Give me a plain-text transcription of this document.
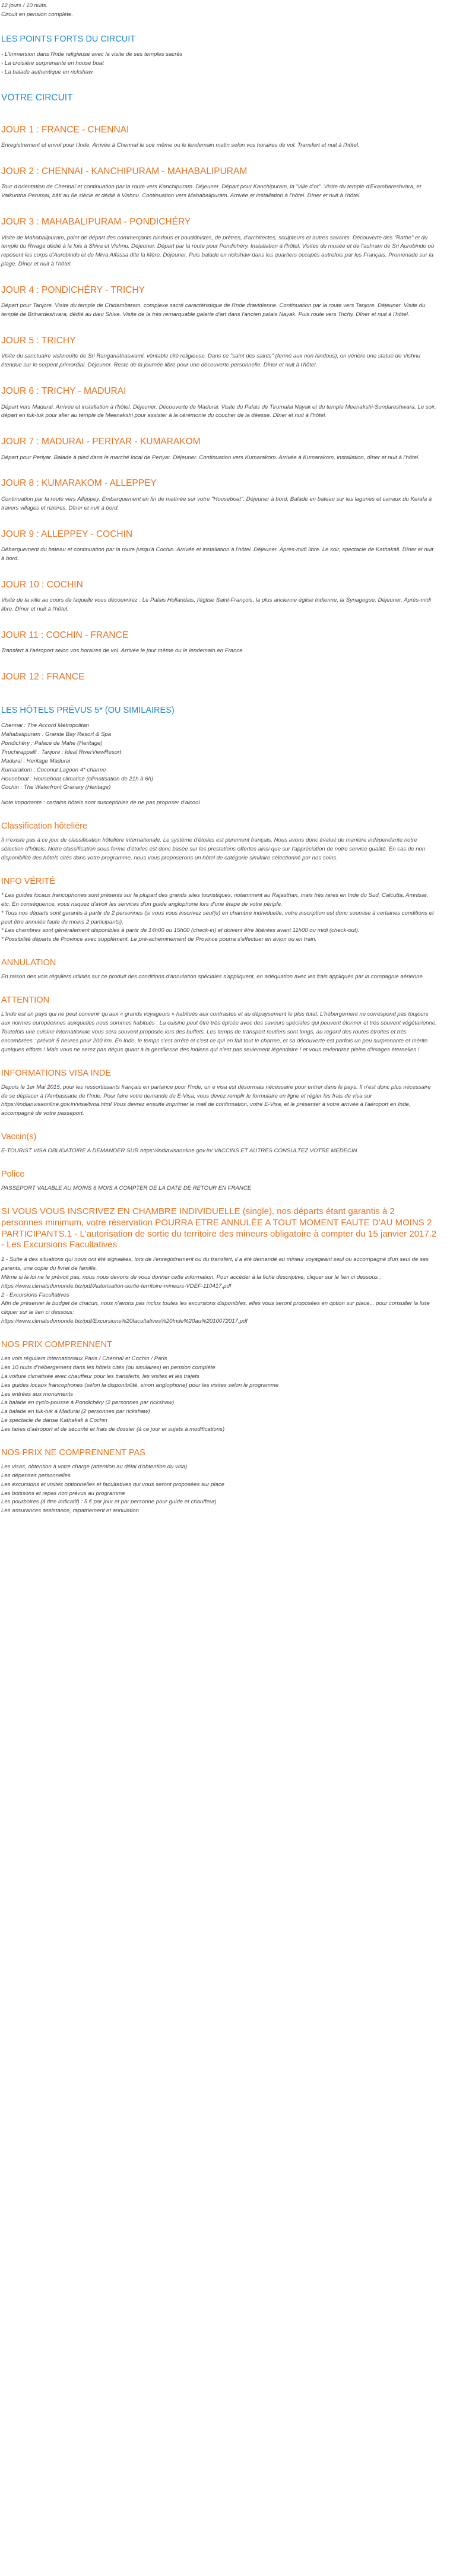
12 jours / 10 nuits.
Circuit en pension complète.
LES POINTS FORTS DU CIRCUIT
- L'immersion dans l'Inde religieuse avec la visite de ses temples sacrés
- La croisière surprenante en house boat
- La balade authentique en rickshaw
VOTRE CIRCUIT
JOUR 1 : FRANCE - CHENNAI

Enregistrement et envol pour l'Inde. Arrivée à Chennaï le soir même ou le lendemain matin selon vos horaires de vol. Transfert et nuit à l'hôtel.

JOUR 2 : CHENNAI - KANCHIPURAM - MAHABALIPURAM

Tour d'orientation de Chennaï et continuation par la route vers Kanchipuram. Déjeuner. Départ pour Kanchipuram, la "ville d'or". Visite du temple d'Ekambareshvara, et Vaikuntha Perumal, bâti au 8e siècle et dédié à Vishnu. Continuation vers Mahabalipuram. Arrivée et installation à l'hôtel. Dîner et nuit à l'hôtel.

JOUR 3 : MAHABALIPURAM - PONDICHÉRY

Visite de Mahabalipuram, point de départ des commerçants hindous et bouddhistes, de prêtres, d'architectes, sculpteurs et autres savants. Découverte des "Rathe" et du temple du Rivage dédié à la fois à Shiva et Vishnu. Déjeuner. Départ par la route pour Pondichéry. Installation à l'hôtel. Visites du musée et de l'ashram de Sri Aurobindo où reposent les corps d'Aurobindo et de Mirra Alfassa dite la Mère. Déjeuner. Puis balade en rickshaw dans les quartiers occupés autrefois par les Français. Promenade sur la plage. Dîner et nuit à l'hôtel.

JOUR 4 : PONDICHÉRY - TRICHY

Départ pour Tanjore. Visite du temple de Chidambaram, complexe sacré caractéristique de l'Inde dravidienne. Continuation par la route vers Tanjore. Déjeuner. Visite du temple de Brihardeshvara, dédié au dieu Shiva. Visite de la très remarquable galerie d'art dans l'ancien palais Nayak. Puis route vers Trichy. Dîner et nuit à l'hôtel.

JOUR 5 : TRICHY

Visite du sanctuaire vishnouïte de Sri Ranganathaswami, véritable cité religieuse. Dans ce "saint des saints" (fermé aux non hindous), on vénère une statue de Vishnu étendue sur le serpent primordial. Déjeuner. Reste de la journée libre pour une découverte personnelle. Dîner et nuit à l'hôtel.

JOUR 6 : TRICHY - MADURAI

Départ vers Madurai. Arrivée et installation à l'hôtel. Déjeuner. Découverte de Madurai. Visite du Palais de Tirumalai Nayak et du temple Meenakshi-Sundareshwara. Le soir, départ en tuk-tuk pour aller au temple de Meenakshi pour assister à la cérémonie du coucher de la déesse. Dîner et nuit à l'hôtel.

JOUR 7 : MADURAI - PERIYAR - KUMARAKOM

Départ pour Periyar. Balade à pied dans le marché local de Periyar. Déjeuner. Continuation vers Kumarakom. Arrivée à Kumarakom, installation, dîner et nuit à l'hôtel.

JOUR 8 : KUMARAKOM - ALLEPPEY

Continuation par la route vers Alleppey. Embarquement en fin de matinée sur votre "Houseboat". Déjeuner à bord. Balade en bateau sur les lagunes et canaux du Kerala à travers villages et rizières. Dîner et nuit à bord.

JOUR 9 : ALLEPPEY - COCHIN

Débarquement du bateau et continuation par la route jusqu'à Cochin. Arrivée et installation à l'hôtel. Déjeuner. Après-midi libre. Le soir, spectacle de Kathakali. Dîner et nuit à bord.

JOUR 10 : COCHIN

Visite de la ville au cours de laquelle vous découvrirez : Le Palais Hollandais, l'église Saint-François, la plus ancienne église Indienne, la Synagogue. Déjeuner. Après-midi libre. Dîner et nuit à l'hôtel.

JOUR 11 : COCHIN - FRANCE

Transfert à l'aéroport selon vos horaires de vol. Arrivée le jour même ou le lendemain en France.

JOUR 12 : FRANCE
LES HÔTELS PRÉVUS 5* (OU SIMILAIRES)
Chennai : The Accord Metropolitan
Mahabalipuram : Grande Bay Resort & Spa
Pondichéry : Palace de Mahe (Heritage)
Tiruchirappalli : Tanjore : Ideal RiverViewResort
Madurai : Heritage Madurai
Kumarakom : Coconut Lagoon 4* charme
Houseboat : Houseboat climatisé (climatisation de 21h à 6h)
Cochin : The Waterfront Granary (Heritage)

Note importante : certains hôtels sont susceptibles de ne pas proposer d'alcool

Classification hôtelière

Il n'existe pas à ce jour de classification hôtelière internationale. Le système d'étoiles est purement français. Nous avons donc évalué de manière indépendante notre sélection d'hôtels. Notre classification sous forme d'étoiles est donc basée sur les prestations offertes ainsi que sur l'appréciation de notre service qualité. En cas de non disponibilité des hôtels cités dans votre programme, nous vous proposerons un hôtel de catégorie similaire sélectionné par nos soins.

INFO VÉRITÉ
* Les guides locaux francophones sont présents sur la plupart des grands sites touristiques, notamment au Rajasthan, mais très rares en Inde du Sud, Calcutta, Amritsar, etc. En conséquence, vous risquez d'avoir les services d'un guide anglophone lors d'une étape de votre périple.
* Tous nos départs sont garantis à partir de 2 personnes (si vous vous inscrivez seul(e) en chambre individuelle, votre inscription est donc soumise à certaines conditions et peut être annulée faute du moins 2 participants).
* Les chambres sont généralement disponibles à partir de 14h00 ou 15h00 (check-in) et doivent être libérées avant 11h00 ou midi (check-out).
* Possibilité départs de Province avec supplément. Le pré-acheminement de Province pourra s'effectuer en avion ou en train.
ANNULATION

En raison des vols réguliers utilisés sur ce produit des conditions d'annulation spéciales s'appliquent, en adéquation avec les frais appliqués par la compagnie aérienne.

ATTENTION

L'Inde est un pays qui ne peut convenir qu'aux « grands voyageurs » habitués aux contrastes et au dépaysement le plus total. L'hébergement ne correspond pas toujours aux normes européennes auxquelles nous sommes habitués . La cuisine peut être très épicée avec des saveurs spéciales qui peuvent étonner et très souvent végétarienne. Toutefois une cuisine internationale vous sera souvent proposée lors des buffets. Les temps de transport routiers sont longs, au regard des routes étroites et très encombrées : prévoir 5 heures pour 200 km. En Inde, le temps s'est arrêté et c'est ce qui en fait tout le charme, et sa découverte est parfois un peu surprenante et mérite quelques efforts ! Mais vous ne serez pas déçus quant à la gentillesse des indiens qui n'est pas seulement légendaire ! et vous reviendrez pleins d'images éternelles !

INFORMATIONS VISA INDE

Depuis le 1er Mai 2015, pour les ressortissants français en partance pour l'Inde, un e visa est désormais nécessaire pour entrer dans le pays. Il n'est donc plus nécessaire de se déplacer à l'Ambassade de l'Inde. Pour faire votre demande de E-Visa, vous devez remplir le formulaire en ligne et régler les frais de visa sur https://indianvisaonline.gov.in/visa/tvoa.html Vous devrez ensuite imprimer le mail de confirmation, votre E-Visa, et le présenter à votre arrivée à l'aéroport en Inde, accompagné de votre passeport.

Vaccin(s)

E-TOURIST VISA OBLIGATOIRE A DEMANDER SUR https://indiavisaonline.gov.in/ VACCINS ET AUTRES CONSULTEZ VOTRE MEDECIN

Police

PASSEPORT VALABLE AU MOINS 6 MOIS A COMPTER DE LA DATE DE RETOUR EN FRANCE

SI VOUS VOUS INSCRIVEZ EN CHAMBRE INDIVIDUELLE (single), nos départs étant garantis à 2 personnes minimum, votre réservation POURRA ETRE ANNULÉE A TOUT MOMENT FAUTE D'AU MOINS 2 PARTICIPANTS.1 - L'autorisation de sortie du territoire des mineurs obligatoire à compter du 15 janvier 2017.2 - Les Excursions Facultatives
1 - Suite à des situations qui nous ont été signalées, lors de l'enregistrement ou du transfert, il a été demandé au mineur voyageant seul ou accompagné d'un seul de ses parents, une copie du livret de famille.
Même si la loi ne le prévoit pas, nous nous devons de vous donner cette information. Pour accéder à la fiche descriptive, cliquer sur le lien ci dessous :
https://www.climatsdumonde.biz/pdf/Autorisation-sortie-territoire-mineurs-VDEF-110417.pdf
2 - Excursions Facultatives
Afin de préserver le budget de chacun, nous n'avons pas inclus toutes les excursions disponibles, elles vous seront proposées en option sur place... pour consulter la liste cliquer sur le lien ci dessous:
https://www.climatsdumonde.biz/pdf/Excursions%20facultatives%20Inde%20au%2010072017.pdf
NOS PRIX COMPRENNENT
Les vols réguliers internationaux Paris / Chennaï et Cochin / Paris
Les 10 nuits d'hébergement dans les hôtels cités (ou similaires) en pension complète
La voiture climatisée avec chauffeur pour les transferts, les visites et les trajets
Les guides locaux francophones (selon la disponibilité, sinon anglophone) pour les visites selon le programme
Les entrées aux monuments
La balade en cyclo-pousse à Pondichéry (2 personnes par rickshaw)
La balade en tuk-tuk à Madurai (2 personnes par rickshaw)
Le spectacle de danse Kathakali à Cochin
Les taxes d'aéroport et de sécurité et frais de dossier (à ce jour et sujets à modifications)
NOS PRIX NE COMPRENNENT PAS
Les visas, obtention à votre charge (attention au délai d'obtention du visa)
Les dépenses personnelles
Les excursions et visites optionnelles et facultatives qui vous seront proposées sur place
Les boissons et repas non prévus au programme
Les pourboires (à titre indicatif) : 5 € par jour et par personne pour guide et chauffeur)
Les assurances assistance, rapatriement et annulation
